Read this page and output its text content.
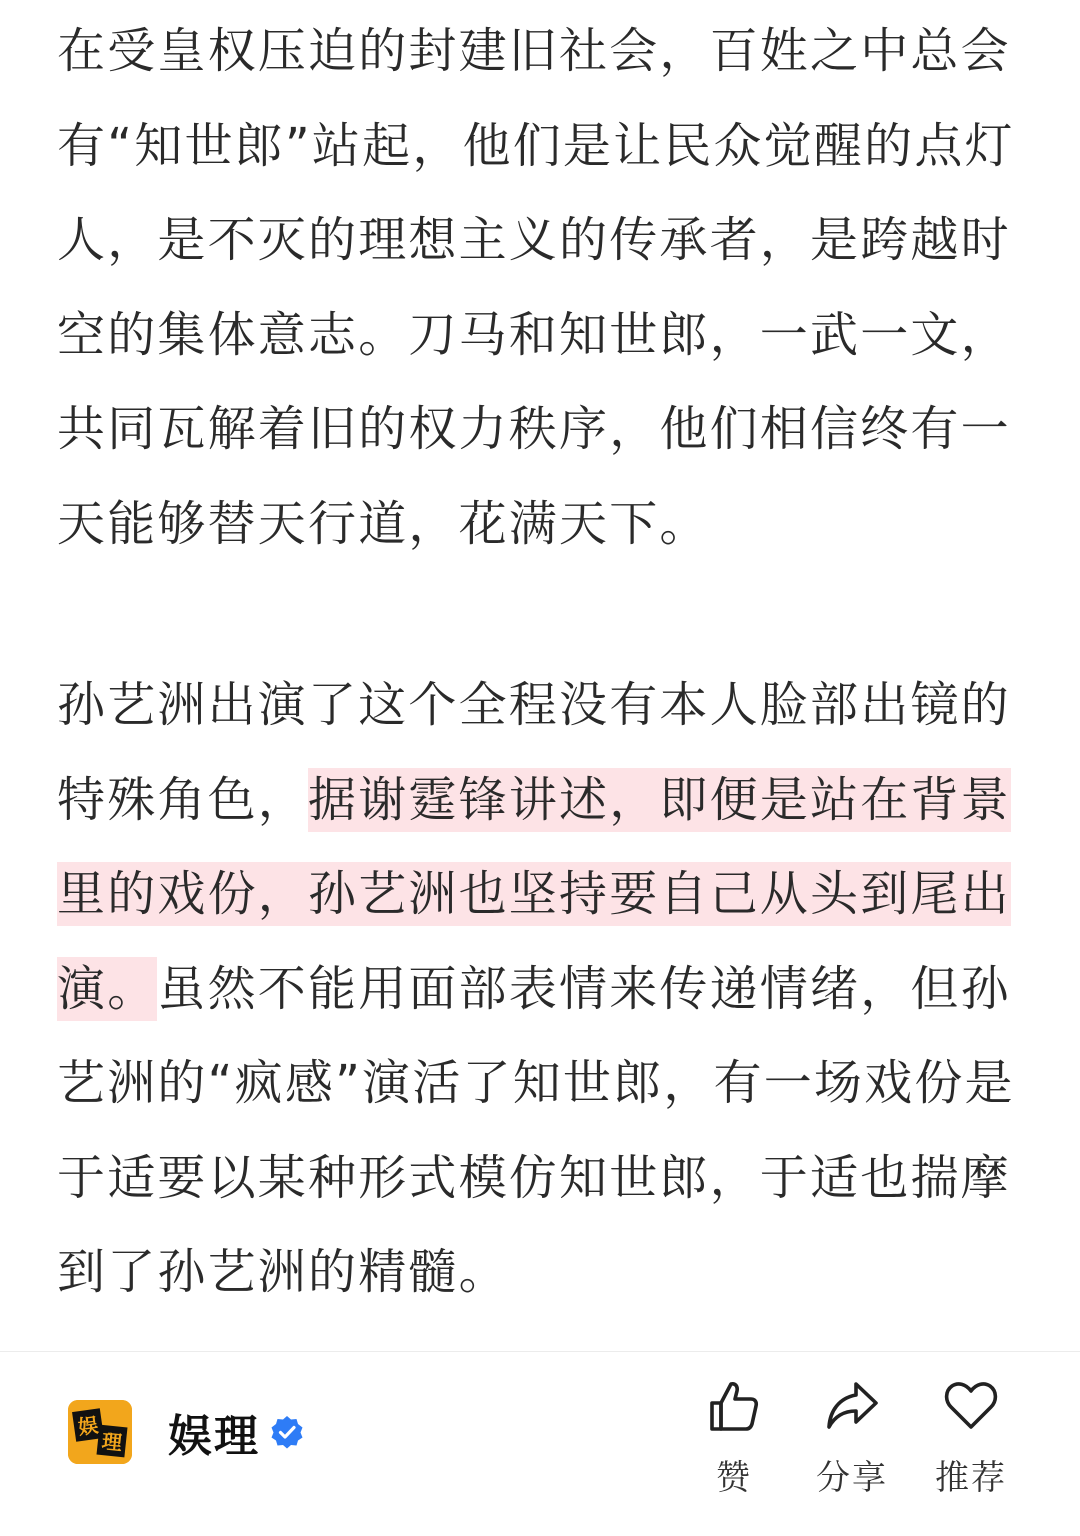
在受皇权压迫的封建旧社会，百姓之中总会有“知世郎”站起，他们是让民众觉醒的点灯人，是不灭的理想主义的传承者，是跨越时空的集体意志。刀马和知世郎，一武一文，共同瓦解着旧的权力秩序，他们相信终有一天能够替天行道，花满天下。

孙艺洲出演了这个全程没有本人脸部出镜的特殊角色，据谢霆锋讲述，即便是站在背景里的戏份，孙艺洲也坚持要自己从头到尾出演。虽然不能用面部表情来传递情绪，但孙艺洲的“疯感”演活了知世郎，有一场戏份是于适要以某种形式模仿知世郎，于适也揣摩到了孙艺洲的精髓。

娱
理 娱理
赞	分享	推荐
